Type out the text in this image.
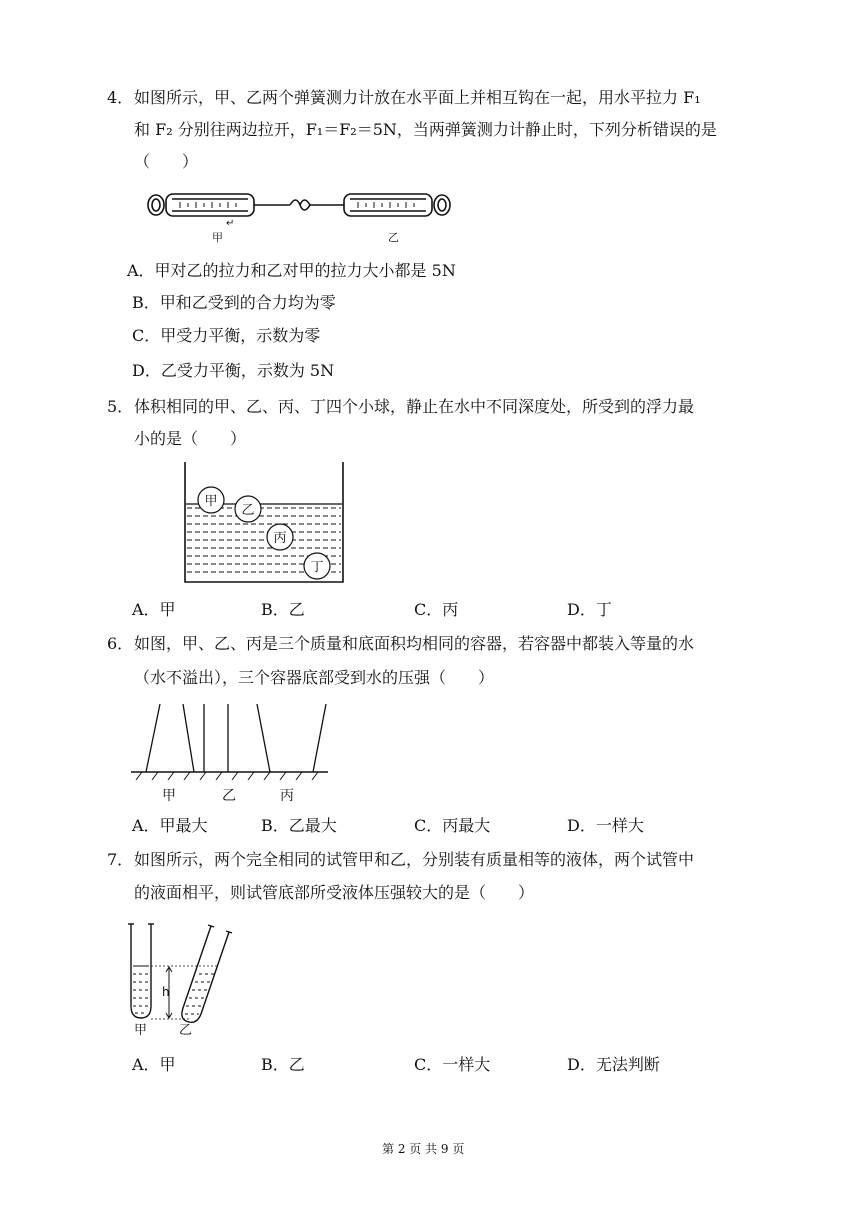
4． 如图所示，甲、乙两个弹簧测力计放在水平面上并相互钩在一起，用水平拉力 F₁
和 F₂ 分别往两边拉开，F₁＝F₂＝5N，当两弹簧测力计静止时，下列分析错误的是
（　　）
甲
↵
乙
A．甲对乙的拉力和乙对甲的拉力大小都是 5N
B．甲和乙受到的合力均为零
C．甲受力平衡，示数为零
D．乙受力平衡，示数为 5N
5． 体积相同的甲、乙、丙、丁四个小球，静止在水中不同深度处，所受到的浮力最
小的是（　　）
甲
乙
丙
丁
A．甲	B．乙	C．丙	D．丁
6． 如图，甲、乙、丙是三个质量和底面积均相同的容器，若容器中都装入等量的水
（水不溢出），三个容器底部受到水的压强（　　）
甲	乙	丙
A．甲最大	B．乙最大	C．丙最大	D．一样大
7． 如图所示，两个完全相同的试管甲和乙，分别装有质量相等的液体，两个试管中
的液面相平，则试管底部所受液体压强较大的是（　　）
h
甲 乙
A．甲	B．乙	C．一样大	D．无法判断
第 2 页 共 9 页
